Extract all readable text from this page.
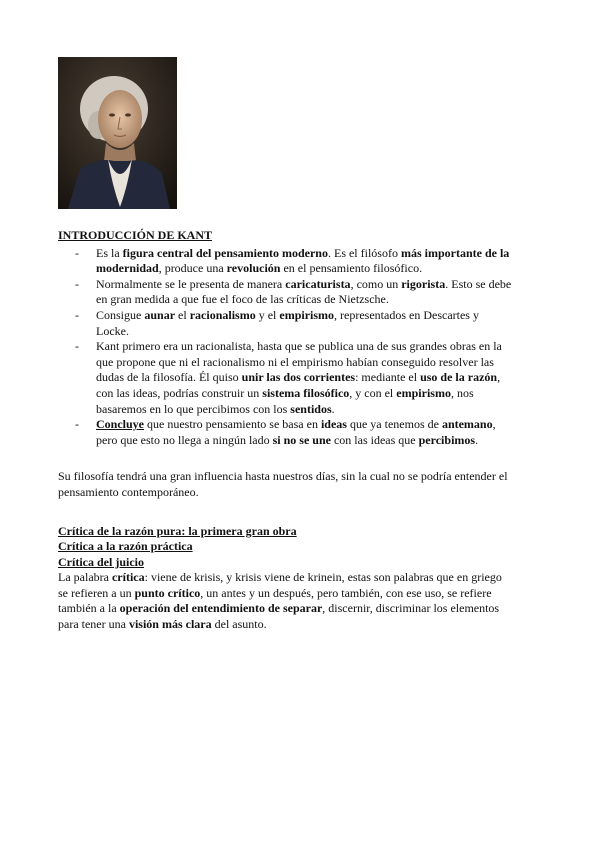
INTRODUCCIÓN DE KANT
- Es la figura central del pensamiento moderno. Es el filósofo más importante de la modernidad, produce una revolución en el pensamiento filosófico.
- Normalmente se le presenta de manera caricaturista, como un rigorista. Esto se debe en gran medida a que fue el foco de las críticas de Nietzsche.
- Consigue aunar el racionalismo y el empirismo, representados en Descartes y Locke.
- Kant primero era un racionalista, hasta que se publica una de sus grandes obras en la que propone que ni el racionalismo ni el empirismo habían conseguido resolver las dudas de la filosofía. Él quiso unir las dos corrientes: mediante el uso de la razón, con las ideas, podrías construir un sistema filosófico, y con el empirismo, nos basaremos en lo que percibimos con los sentidos.
- Concluye que nuestro pensamiento se basa en ideas que ya tenemos de antemano, pero que esto no llega a ningún lado si no se une con las ideas que percibimos.

Su filosofía tendrá una gran influencia hasta nuestros días, sin la cual no se podría entender el pensamiento contemporáneo.

Crítica de la razón pura: la primera gran obra

Crítica a la razón práctica

Crítica del juicio

La palabra crítica: viene de krisis, y krisis viene de krinein, estas son palabras que en griego se refieren a un punto crítico, un antes y un después, pero también, con ese uso, se refiere también a la operación del entendimiento de separar, discernir, discriminar los elementos para tener una visión más clara del asunto.
